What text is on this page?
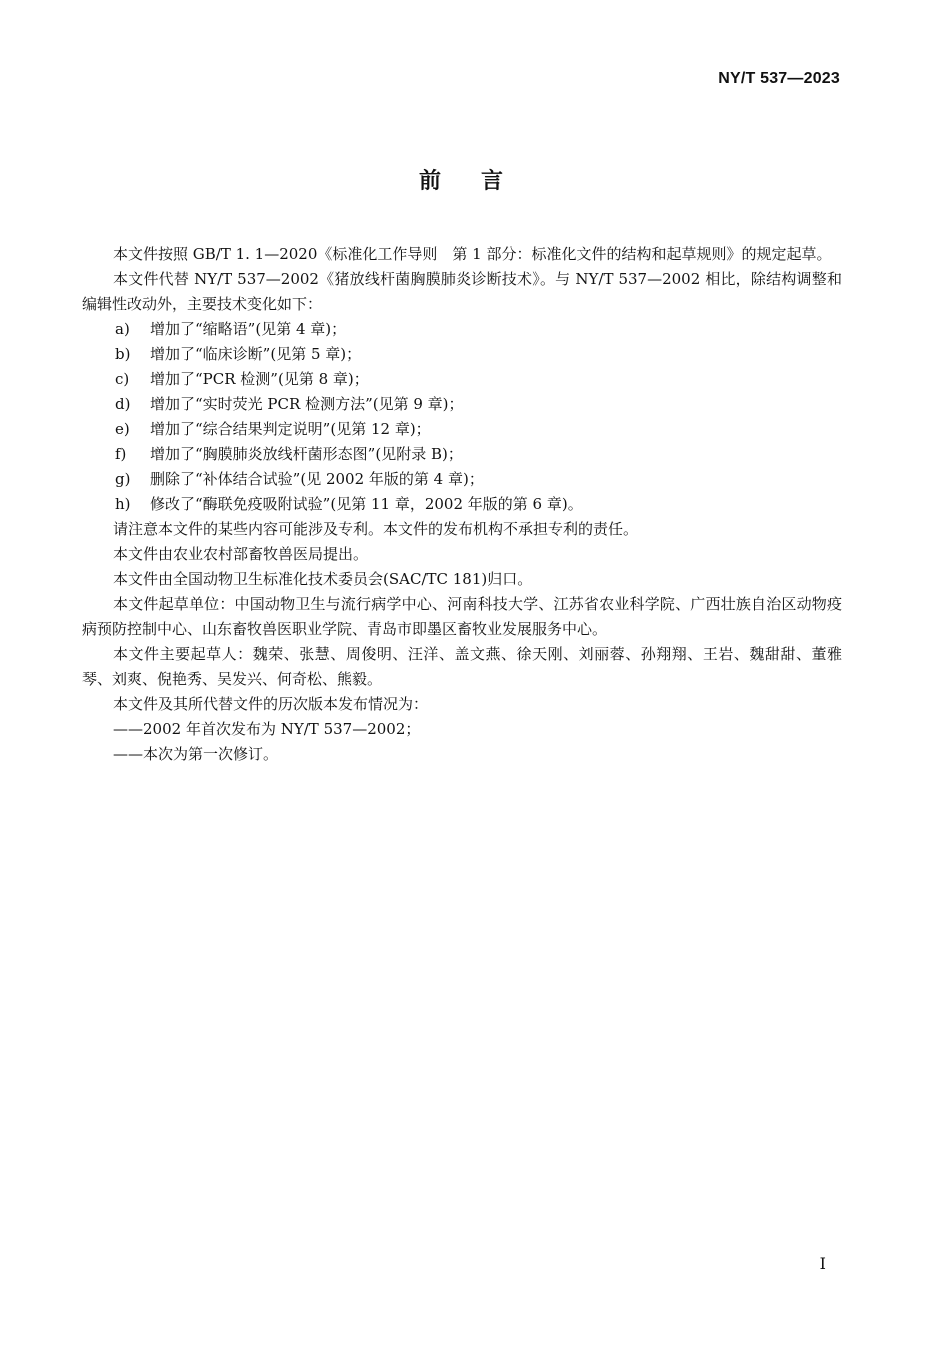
NY/T 537—2023
前言

本文件按照 GB/T 1. 1—2020《标准化工作导则　第 1 部分：标准化文件的结构和起草规则》的规定起草。

本文件代替 NY/T 537—2002《猪放线杆菌胸膜肺炎诊断技术》。与 NY/T 537—2002 相比，除结构调整和编辑性改动外，主要技术变化如下：

a) 增加了“缩略语”(见第 4 章)；

b) 增加了“临床诊断”(见第 5 章)；

c) 增加了“PCR 检测”(见第 8 章)；

d) 增加了“实时荧光 PCR 检测方法”(见第 9 章)；

e) 增加了“综合结果判定说明”(见第 12 章)；

f) 增加了“胸膜肺炎放线杆菌形态图”(见附录 B)；

g) 删除了“补体结合试验”(见 2002 年版的第 4 章)；

h) 修改了“酶联免疫吸附试验”(见第 11 章，2002 年版的第 6 章)。

请注意本文件的某些内容可能涉及专利。本文件的发布机构不承担专利的责任。

本文件由农业农村部畜牧兽医局提出。

本文件由全国动物卫生标准化技术委员会(SAC/TC 181)归口。

本文件起草单位：中国动物卫生与流行病学中心、河南科技大学、江苏省农业科学院、广西壮族自治区动物疫病预防控制中心、山东畜牧兽医职业学院、青岛市即墨区畜牧业发展服务中心。

本文件主要起草人：魏荣、张慧、周俊明、汪洋、盖文燕、徐天刚、刘丽蓉、孙翔翔、王岩、魏甜甜、董雅琴、刘爽、倪艳秀、吴发兴、何奇松、熊毅。

本文件及其所代替文件的历次版本发布情况为：

——2002 年首次发布为 NY/T 537—2002；

——本次为第一次修订。

I
